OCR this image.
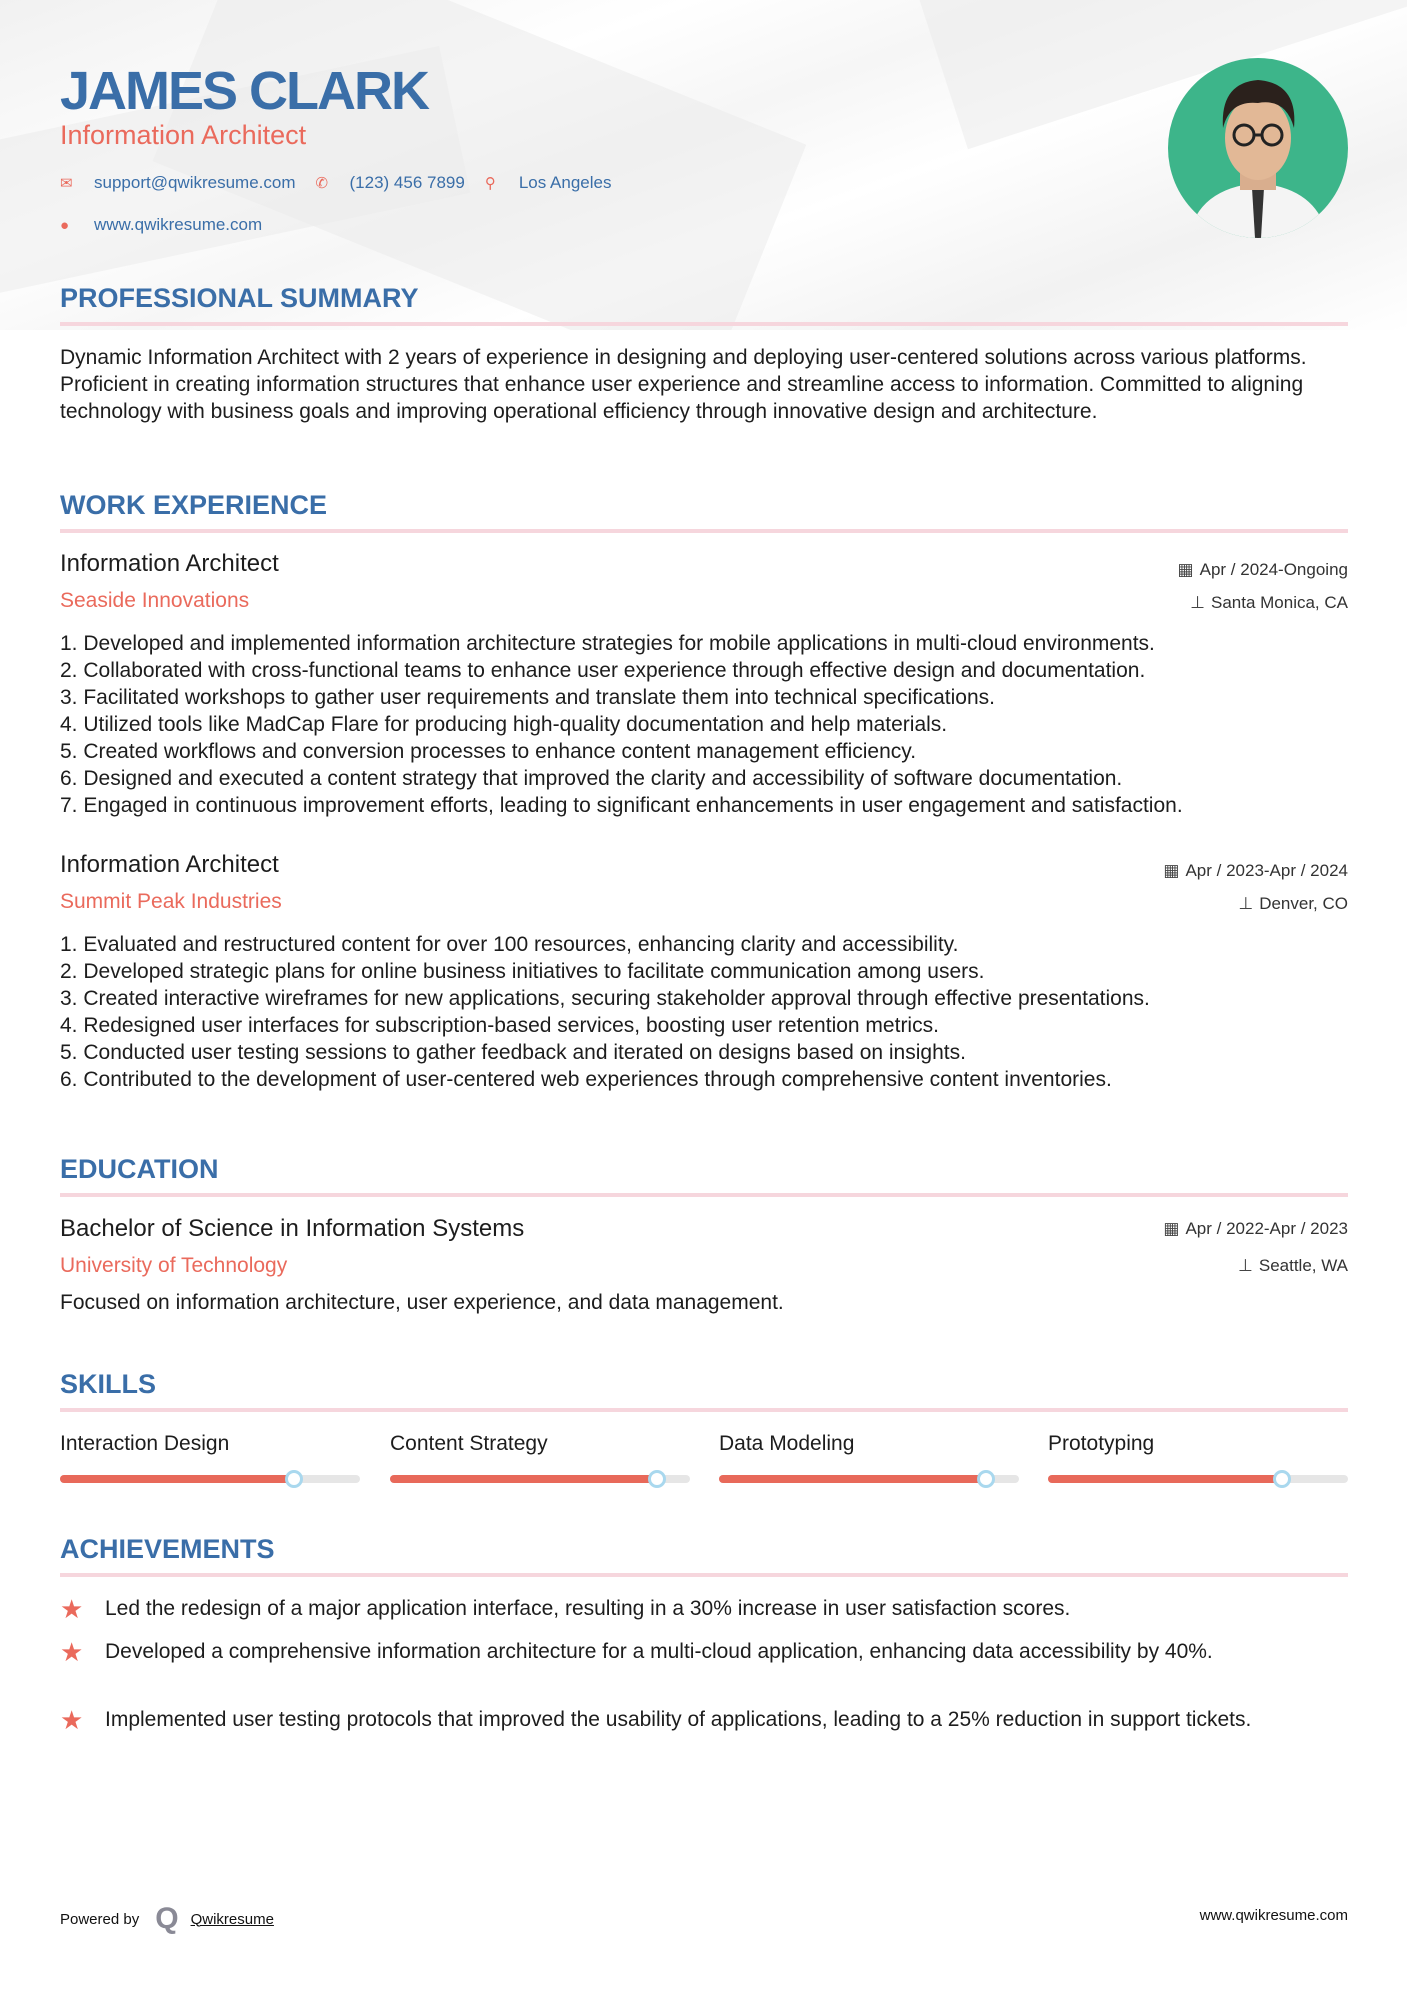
JAMES CLARK
Information Architect
✉	support@qwikresume.com ✆	(123) 456 7899 ⚲	Los Angeles
●	www.qwikresume.com
PROFESSIONAL SUMMARY
Dynamic Information Architect with 2 years of experience in designing and deploying user-centered solutions across various platforms. Proficient in creating information structures that enhance user experience and streamline access to information. Committed to aligning technology with business goals and improving operational efficiency through innovative design and architecture.
WORK EXPERIENCE
Information Architect
Seaside Innovations
▦ Apr / 2024-Ongoing
⊥ Santa Monica, CA
1. Developed and implemented information architecture strategies for mobile applications in multi-cloud environments.
2. Collaborated with cross-functional teams to enhance user experience through effective design and documentation.
3. Facilitated workshops to gather user requirements and translate them into technical specifications.
4. Utilized tools like MadCap Flare for producing high-quality documentation and help materials.
5. Created workflows and conversion processes to enhance content management efficiency.
6. Designed and executed a content strategy that improved the clarity and accessibility of software documentation.
7. Engaged in continuous improvement efforts, leading to significant enhancements in user engagement and satisfaction.
Information Architect
Summit Peak Industries
▦ Apr / 2023-Apr / 2024
⊥ Denver, CO
1. Evaluated and restructured content for over 100 resources, enhancing clarity and accessibility.
2. Developed strategic plans for online business initiatives to facilitate communication among users.
3. Created interactive wireframes for new applications, securing stakeholder approval through effective presentations.
4. Redesigned user interfaces for subscription-based services, boosting user retention metrics.
5. Conducted user testing sessions to gather feedback and iterated on designs based on insights.
6. Contributed to the development of user-centered web experiences through comprehensive content inventories.
EDUCATION
Bachelor of Science in Information Systems
University of Technology
▦ Apr / 2022-Apr / 2023
⊥ Seattle, WA
Focused on information architecture, user experience, and data management.
SKILLS
Interaction Design	Content Strategy	Data Modeling	Prototyping
ACHIEVEMENTS
★	Led the redesign of a major application interface, resulting in a 30% increase in user satisfaction scores.
★	Developed a comprehensive information architecture for a multi-cloud application, enhancing data accessibility by 40%.
★	Implemented user testing protocols that improved the usability of applications, leading to a 25% reduction in support tickets.
Powered by Q Qwikresume	www.qwikresume.com
